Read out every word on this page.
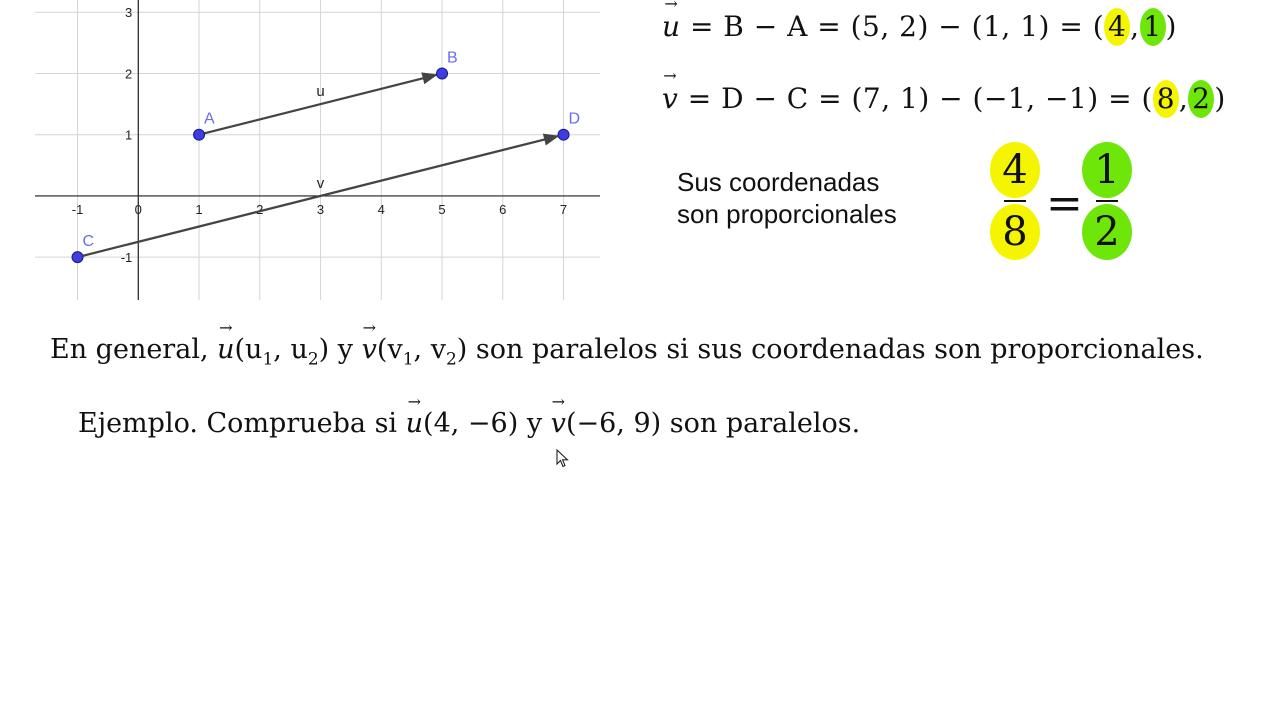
-1	0	1	2	3	4	5	6	7
-1
1
2
3
u
v
A
B
C
D
→ u = B − A = (5, 2) − (1, 1) = ( 4 , 1 )
→ v = D − C = (7, 1) − (−1, −1) = ( 8 , 2 )
Sus coordenadas
son proporcionales
4
8
=
1
2
En general, → $u(u_1$, $u_2$) $y \to v(v_1$, $v_2$) son paralelos si sus coordenadas son proporcionales.
Ejemplo. Comprueba si → u(4, −6) y → v(−6, 9) son paralelos.
